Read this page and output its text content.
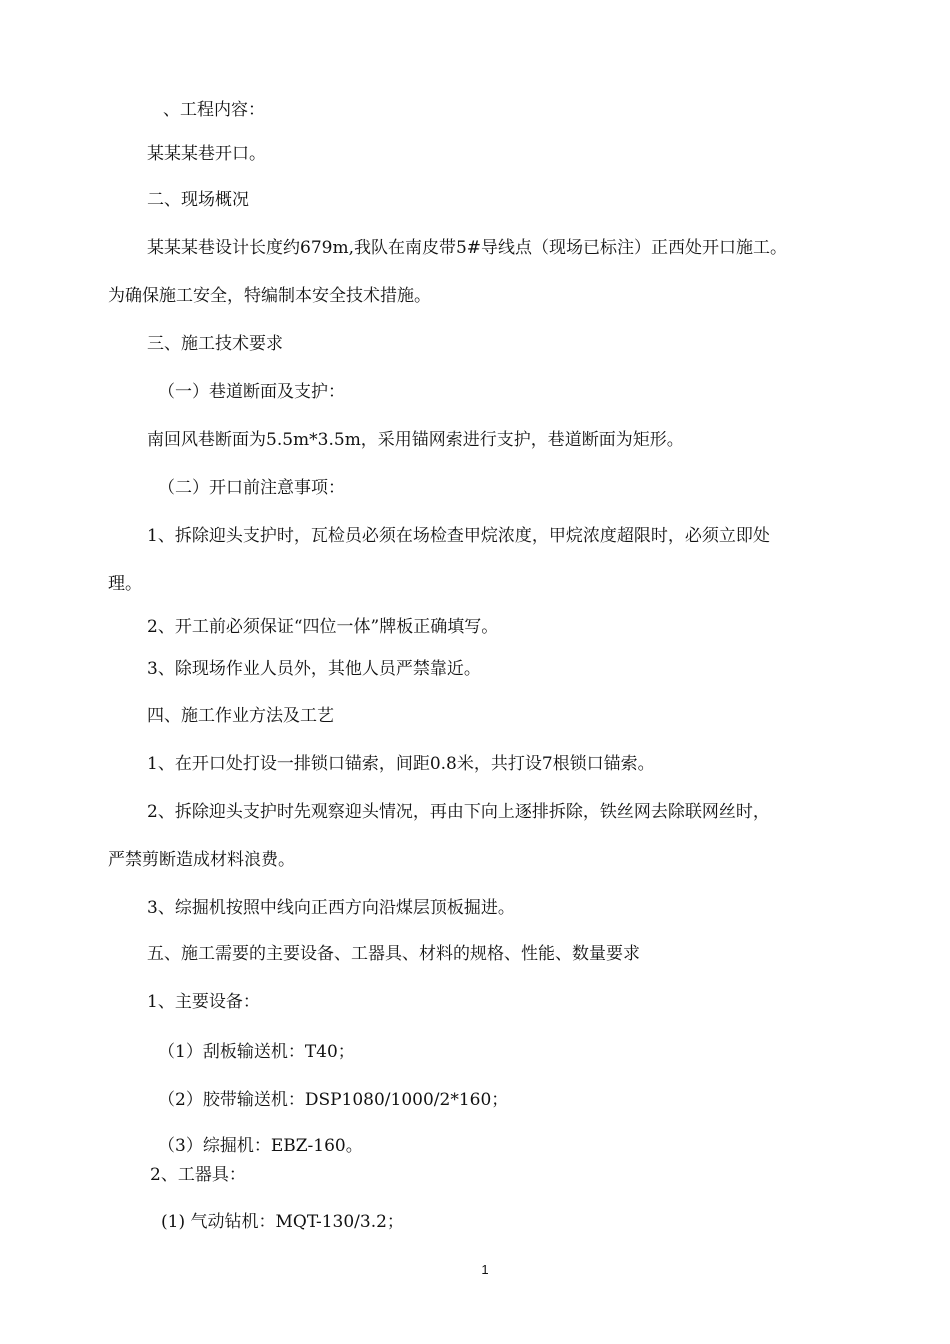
、工程内容：
某某某巷开口。
二、现场概况
某某某巷设计长度约679m,我队在南皮带5#导线点（现场已标注）正西处开口施工。
为确保施工安全，特编制本安全技术措施。
三、施工技术要求
（一）巷道断面及支护：
南回风巷断面为5.5m*3.5m，采用锚网索进行支护，巷道断面为矩形。
（二）开口前注意事项：
1、拆除迎头支护时，瓦检员必须在场检查甲烷浓度，甲烷浓度超限时，必须立即处
理。
2、开工前必须保证“四位一体”牌板正确填写。
3、除现场作业人员外，其他人员严禁靠近。
四、施工作业方法及工艺
1、在开口处打设一排锁口锚索，间距0.8米，共打设7根锁口锚索。
2、拆除迎头支护时先观察迎头情况，再由下向上逐排拆除，铁丝网去除联网丝时，
严禁剪断造成材料浪费。
3、综掘机按照中线向正西方向沿煤层顶板掘进。
五、施工需要的主要设备、工器具、材料的规格、性能、数量要求
1、主要设备：
（1）刮板输送机：T40；
（2）胶带输送机：DSP1080/1000/2*160；
（3）综掘机：EBZ-160。
2、工器具：
(1) 气动钻机：MQT-130/3.2；
1
